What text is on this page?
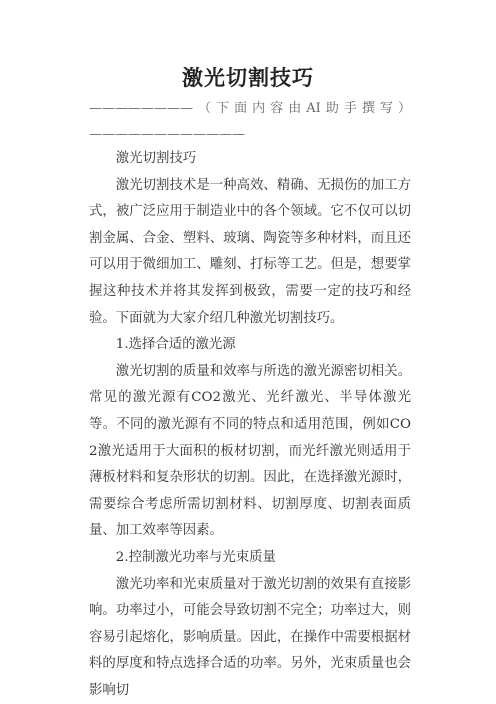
激光切割技巧
————————（下面内容由AI助手撰写）————————————

激光切割技巧

激光切割技术是一种高效、精确、无损伤的加工方式，被广泛应用于制造业中的各个领域。它不仅可以切割金属、合金、塑料、玻璃、陶瓷等多种材料，而且还可以用于微细加工、雕刻、打标等工艺。但是，想要掌握这种技术并将其发挥到极致，需要一定的技巧和经验。下面就为大家介绍几种激光切割技巧。

1.选择合适的激光源

激光切割的质量和效率与所选的激光源密切相关。常见的激光源有CO2激光、光纤激光、半导体激光等。不同的激光源有不同的特点和适用范围，例如CO2激光适用于大面积的板材切割，而光纤激光则适用于薄板材料和复杂形状的切割。因此，在选择激光源时，需要综合考虑所需切割材料、切割厚度、切割表面质量、加工效率等因素。

2.控制激光功率与光束质量

激光功率和光束质量对于激光切割的效果有直接影响。功率过小，可能会导致切割不完全；功率过大，则容易引起熔化，影响质量。因此，在操作中需要根据材料的厚度和特点选择合适的功率。另外，光束质量也会影响切
